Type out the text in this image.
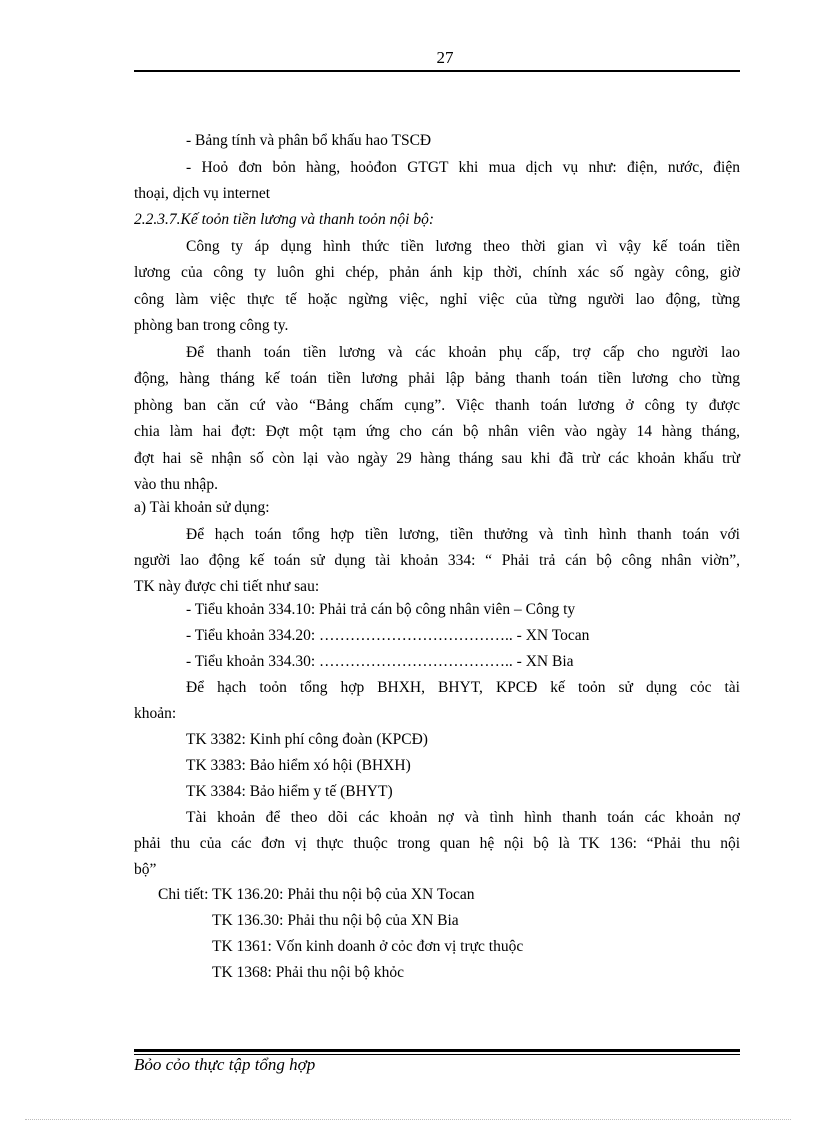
27
- Bảng tính và phân bổ khấu hao TSCĐ
- Hoỏ đơn bỏn hàng, hoỏđon GTGT khi mua dịch vụ như: điện, nước, điện
thoại, dịch vụ internet
2.2.3.7.Kế toỏn tiền lương và thanh toỏn nội bộ:
Công ty áp dụng hình thức tiền lương theo thời gian vì vậy kế toán tiền
lương của công ty luôn ghi chép, phản ánh kịp thời, chính xác số ngày công, giờ
công làm việc thực tế hoặc ngừng việc, nghỉ việc của từng người lao động, từng
phòng ban trong công ty.
Để thanh toán tiền lương và các khoản phụ cấp, trợ cấp cho người lao
động, hàng tháng kế toán tiền lương phải lập bảng thanh toán tiền lương cho từng
phòng ban căn cứ vào “Bảng chấm cụng”. Việc thanh toán lương ở công ty được
chia làm hai đợt: Đợt một tạm ứng cho cán bộ nhân viên vào ngày 14 hàng tháng,
đợt hai sẽ nhận số còn lại vào ngày 29 hàng tháng sau khi đã trừ các khoản khấu trừ
vào thu nhập.
a) Tài khoản sử dụng:
Để hạch toán tổng hợp tiền lương, tiền thưởng và tình hình thanh toán với
người lao động kế toán sử dụng tài khoản 334: “ Phải trả cán bộ công nhân viờn”,
TK này được chi tiết như sau:
- Tiểu khoản 334.10: Phải trả cán bộ công nhân viên – Công ty
- Tiểu khoản 334.20: ……………………………….. - XN Tocan
- Tiểu khoản 334.30: ……………………………….. - XN Bia
Để hạch toỏn tổng hợp BHXH, BHYT, KPCĐ kế toỏn sử dụng cỏc tài
khoản:
TK 3382: Kinh phí công đoàn (KPCĐ)
TK 3383: Bảo hiểm xó hội (BHXH)
TK 3384: Bảo hiểm y tế (BHYT)
Tài khoản để theo dõi các khoản nợ và tình hình thanh toán các khoản nợ
phải thu của các đơn vị thực thuộc trong quan hệ nội bộ là TK 136: “Phải thu nội
bộ”
Chi tiết: TK 136.20: Phải thu nội bộ của XN Tocan
TK 136.30: Phải thu nội bộ của XN Bia
TK 1361: Vốn kinh doanh ở cỏc đơn vị trực thuộc
TK 1368: Phải thu nội bộ khỏc
Bỏo cỏo thực tập tổng hợp
